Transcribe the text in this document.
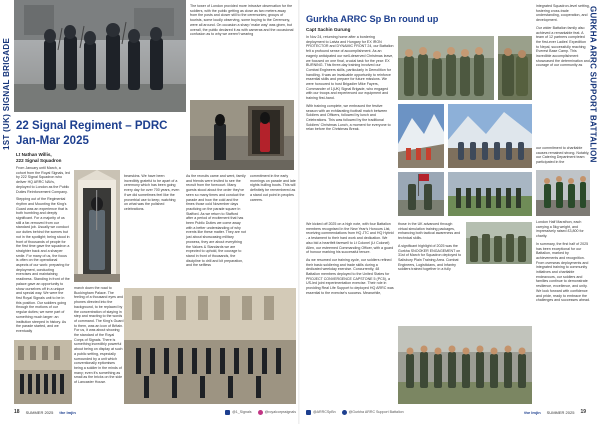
1ST (UK) SIGNAL BRIGADE

The tower of London provided more intrusive observation for the soldiers, with the public getting as close as two meters away from the posts and closer still to the ceremonies; groups of tourists, some loudly observing, some buying to the Ceremony, were all around. On occasion a sharp 'make way' was given, but overall, the public declared it as with cameras and the occasional confusion as to why we weren't wearing

22 Signal Regiment – PDRC
Jan-Mar 2025
Lt Nathan Willis,
222 Signal Squadron

From January until March, a cohort from the Royal Signals, led by 222 Signal Squadron who deliver HQ ARRC NAVs, deployed to London as the Public Duties Reinforcement Company.

Stepping out of the Regimental rhythm and Mounting the King's Guard was an experience that is both humbling and deeply significant. For a majority of us still a far-removed from our standard job. Usually we conduct our duties behind the scenes but not in the spotlight; being stood in front of thousands of people for the first time gave the squadron a straighter back and a sharper smile. For many of us, the focus is often on the operational aspects of our work: preparing for deployment, conducting exercises and maintaining readiness. Standing in front of the palace gave an opportunity to show ourselves off in a unique and special way. We were the first Royal Signals unit to be in this position. Our soldiers going through the motions of our regular duties; we were part of something much larger: an institution steeped in history. As the parade started, and we eventually

bearskins. We have been incredibly grateful to be apart of a ceremony which has been going every day for over 700 years, even if we did sometimes feel like the proverbial use to keep, watching on what was the polished celebrations.

As the recruits came and went, family and friends were invited to see the recruit from the forecourt. Many guests stood about the order they've seen so many times and conduct the parade and how the cold and the times those cold November days practicing on the parade square in Stafford. As we return to Stafford after a period of excitement that has been Public Duties we come away with a better understanding of why events like these matter. They are not just about showcasing military prowess, they are about everything the Values & Standards we are expected to uphold, the courage to stand in front of thousands, the discipline to drill and kit preparation, and the selfless

commitment in the early mornings on parade and late nights bulling boots. This will definitely be remembered as a stand out point in peoples careers.

march down the road to Buckingham Palace. The feeling of a thousand eyes and phones directed into the background, to be replaced by the concentration of staying in step and reacting to the words of command. The King's Guard to them, was an icon of Britain. For us, it was about showing the standard of the Royal Corps of Signals. There is something incredibly powerful about being on display at such a public setting, especially surrounded by a unit which conventionally epitomises being a soldier in the minds of many; even it's something as small as the bricks on the side of Lancaster House.

18 SUMMER 2025 the Imjin	@1_Signals	@royalcorpssignals
GURKHA ARRC SUPPORT BATTALION
Gurkha ARRC Sp Bn round up
Capt Sachin Gurung

In Nov 24, returning home after a bordering deployment to Latvia and Hungary for EX IRON PROTECTOR and DYNAMIC FRONT 24, our Battalion felt a profound sense of accomplishment. As an eagerly anticipated our well-deserved Christmas leave, we focused on one final, crucial task for the year: EX BURNING. This three-day training involved our Combat Engineers skills, particularly in Demolition for handling. It was an invaluable opportunity to reinforce essential skills and prepare for future missions. We were honoured to host Brigadier Mike Fayers, Commander of 1(UK) Signal Brigade, who engaged with our troops and experienced our equipment and training first-hand.

With training complete, we embraced the festive season with an exhilarating football match between Soldiers and Officers, followed by lunch and Celebrations. This was followed by the traditional Soldiers' Christmas Lunch, a moment for everyone to relax before the Christmas Break.

integrated Squadron-level setting, fostering cross-trade understanding, cooperation, and development.

Our wider Battalion family also achieved a remarkable feat. A team of 12 partners completed the first-ever Ladies' Expedition to Nepal, successfully reaching Everest Base Camp. This incredible accomplishment showcased the determination and courage of our community as

our commitment to charitable causes remained strong. Notably, our Catering Department team participated in the

We kicked off 2025 on a high note, with four Battalion members recognised in the New Year's Honours List, receiving commendations from HQ JTC and HQ Hybrid - a testament to their hard work and dedication. We also bid a heartfelt farewell to Lt Colonel (Lt Colonel) Allen, our esteemed Commanding Officer, with a guard of honour marking his successful tenure.

As we resumed our training cycle, our soldiers refined their basic soldiering and trade skills during a dedicated weekday exercise. Concurrently, 48 Battalion members deployed to the United States for PROJECT CONVERGENCE CAPSTONE 5 (PC5), a US-led joint experimentation exercise. Their role in providing Real Life Support to deployed HQ ARRC was essential to the exercise's success. Meanwhile,

those in the UK advanced through virtual simulation training packages, enhancing both tactical awareness and technical skills.

A significant highlight of 2025 was the Gurkha SNOOKER ENGAGEMENT on 31st of March for Squadron deployed to Salisbury Plain Training Area. Combat Engineers, Logisticians, and Infantry soldiers trained together in a fully

London Half Marathon, each carrying a 5kg weight, and impressively raised £3,800 for charity.

In summary, the first half of 2025 has been exceptional for our Battalion, marked by achievements and recognition. From overseas deployments and integrated training to community initiatives and charitable endeavours, our soldiers and families continue to demonstrate resilience, excellence, and unity. We look forward with confidence and pride, ready to embrace the challenges and successes ahead.

@ARRCSpBn	@Gurkha ARRC Support Battalion	the Imjin SUMMER 2025 19
